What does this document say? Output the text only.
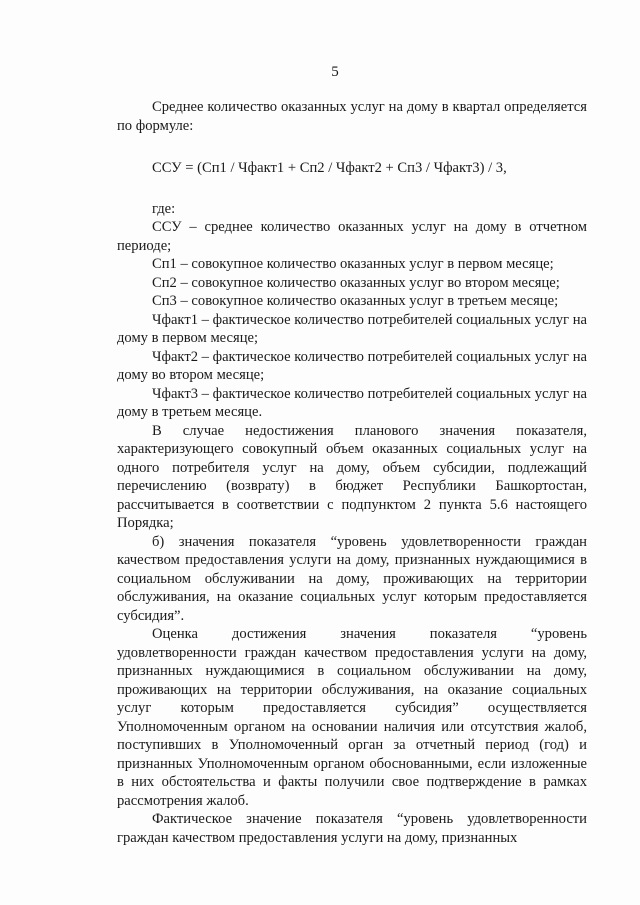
5

Среднее количество оказанных услуг на дому в квартал определяется по формуле:

ССУ = (Сп1 / Чфакт1 + Сп2 / Чфакт2 + Сп3 / Чфакт3) / 3,

где:

ССУ – среднее количество оказанных услуг на дому в отчетном периоде;

Сп1 – совокупное количество оказанных услуг в первом месяце;

Сп2 – совокупное количество оказанных услуг во втором месяце;

Сп3 – совокупное количество оказанных услуг в третьем месяце;

Чфакт1 – фактическое количество потребителей социальных услуг на дому в первом месяце;

Чфакт2 – фактическое количество потребителей социальных услуг на дому во втором месяце;

Чфакт3 – фактическое количество потребителей социальных услуг на дому в третьем месяце.

В случае недостижения планового значения показателя, характеризующего совокупный объем оказанных социальных услуг на одного потребителя услуг на дому, объем субсидии, подлежащий перечислению (возврату) в бюджет Республики Башкортостан, рассчитывается в соответствии с подпунктом 2 пункта 5.6 настоящего Порядка;

б) значения показателя “уровень удовлетворенности граждан качеством предоставления услуги на дому, признанных нуждающимися в социальном обслуживании на дому, проживающих на территории обслуживания, на оказание социальных услуг которым предоставляется субсидия”.

Оценка достижения значения показателя “уровень удовлетворенности граждан качеством предоставления услуги на дому, признанных нуждающимися в социальном обслуживании на дому, проживающих на территории обслуживания, на оказание социальных услуг которым предоставляется субсидия” осуществляется Уполномоченным органом на основании наличия или отсутствия жалоб, поступивших в Уполномоченный орган за отчетный период (год) и признанных Уполномоченным органом обоснованными, если изложенные в них обстоятельства и факты получили свое подтверждение в рамках рассмотрения жалоб.

Фактическое значение показателя “уровень удовлетворенности граждан качеством предоставления услуги на дому, признанных
